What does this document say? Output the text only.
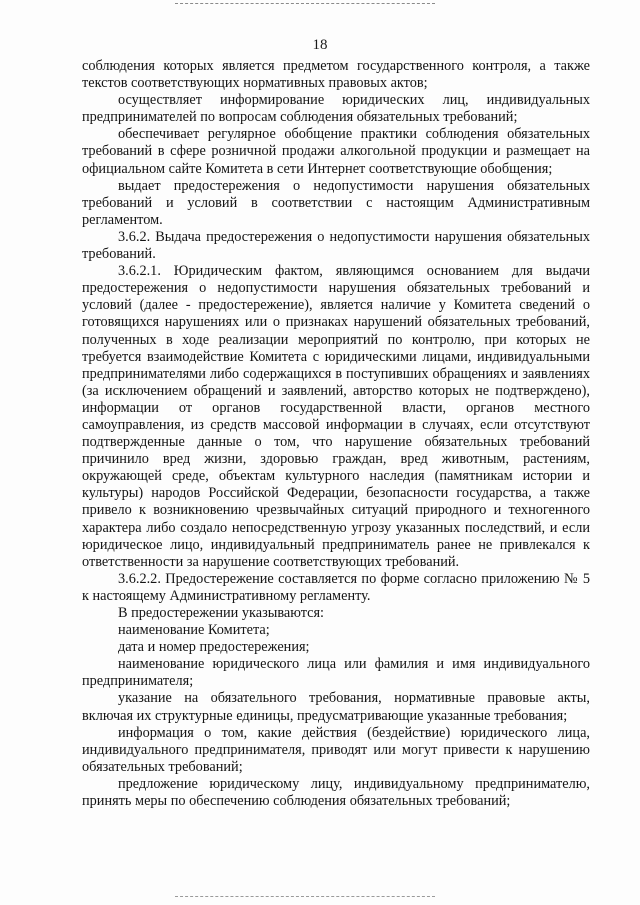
18

соблюдения которых является предметом государственного контроля, а также текстов соответствующих нормативных правовых актов;

осуществляет информирование юридических лиц, индивидуальных предпринимателей по вопросам соблюдения обязательных требований;

обеспечивает регулярное обобщение практики соблюдения обязательных требований в сфере розничной продажи алкогольной продукции и размещает на официальном сайте Комитета в сети Интернет соответствующие обобщения;

выдает предостережения о недопустимости нарушения обязательных требований и условий в соответствии с настоящим Административным регламентом.

3.6.2. Выдача предостережения о недопустимости нарушения обязательных требований.

3.6.2.1. Юридическим фактом, являющимся основанием для выдачи предостережения о недопустимости нарушения обязательных требований и условий (далее - предостережение), является наличие у Комитета сведений о готовящихся нарушениях или о признаках нарушений обязательных требований, полученных в ходе реализации мероприятий по контролю, при которых не требуется взаимодействие Комитета с юридическими лицами, индивидуальными предпринимателями либо содержащихся в поступивших обращениях и заявлениях (за исключением обращений и заявлений, авторство которых не подтверждено), информации от органов государственной власти, органов местного самоуправления, из средств массовой информации в случаях, если отсутствуют подтвержденные данные о том, что нарушение обязательных требований причинило вред жизни, здоровью граждан, вред животным, растениям, окружающей среде, объектам культурного наследия (памятникам истории и культуры) народов Российской Федерации, безопасности государства, а также привело к возникновению чрезвычайных ситуаций природного и техногенного характера либо создало непосредственную угрозу указанных последствий, и если юридическое лицо, индивидуальный предприниматель ранее не привлекался к ответственности за нарушение соответствующих требований.

3.6.2.2. Предостережение составляется по форме согласно приложению № 5 к настоящему Административному регламенту.

В предостережении указываются:

наименование Комитета;

дата и номер предостережения;

наименование юридического лица или фамилия и имя индивидуального предпринимателя;

указание на обязательного требования, нормативные правовые акты, включая их структурные единицы, предусматривающие указанные требования;

информация о том, какие действия (бездействие) юридического лица, индивидуального предпринимателя, приводят или могут привести к нарушению обязательных требований;

предложение юридическому лицу, индивидуальному предпринимателю, принять меры по обеспечению соблюдения обязательных требований;
